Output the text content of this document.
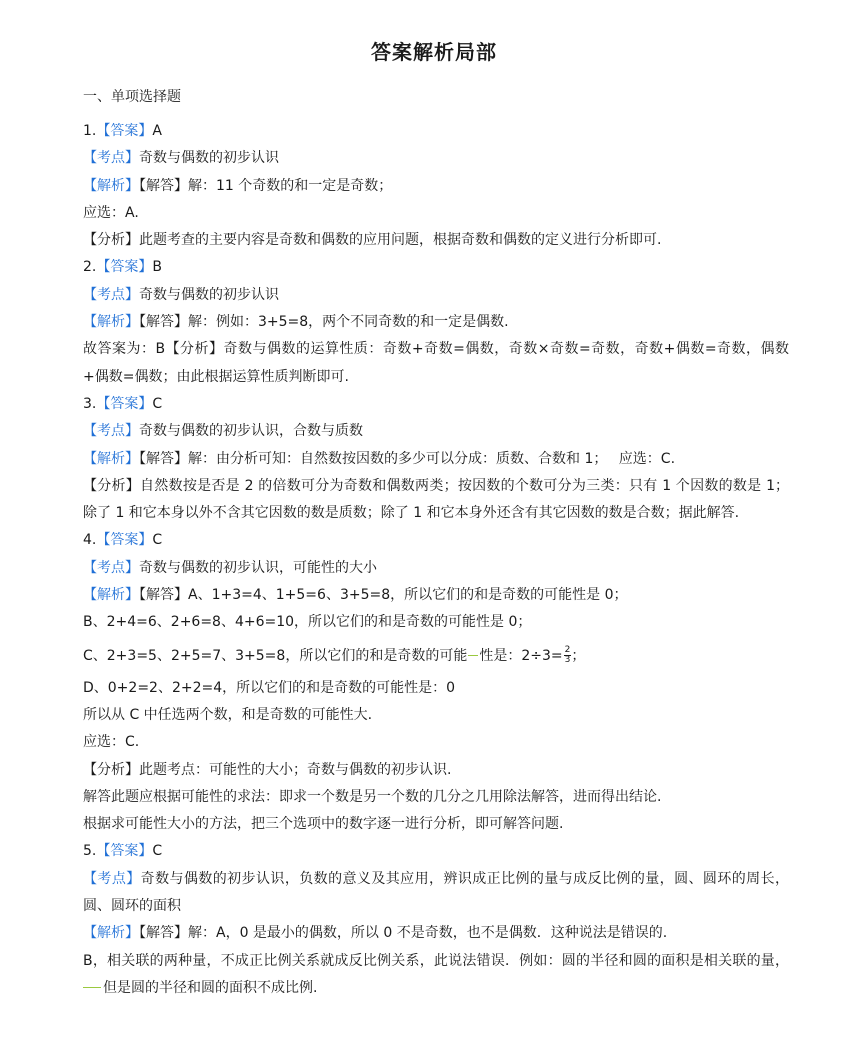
答案解析局部
一、单项选择题
1.【答案】A
【考点】奇数与偶数的初步认识
【解析】【解答】解：11 个奇数的和一定是奇数；
应选：A.
【分析】此题考查的主要内容是奇数和偶数的应用问题，根据奇数和偶数的定义进行分析即可.
2.【答案】B
【考点】奇数与偶数的初步认识
【解析】【解答】解：例如：3+5=8，两个不同奇数的和一定是偶数.
故答案为：B【分析】奇数与偶数的运算性质：奇数+奇数=偶数，奇数×奇数=奇数，奇数+偶数=奇数，偶数+偶数=偶数；由此根据运算性质判断即可.
3.【答案】C
【考点】奇数与偶数的初步认识，合数与质数
【解析】【解答】解：由分析可知：自然数按因数的多少可以分成：质数、合数和 1；　 应选：C.
【分析】自然数按是否是 2 的倍数可分为奇数和偶数两类；按因数的个数可分为三类：只有 1 个因数的数是 1；除了 1 和它本身以外不含其它因数的数是质数；除了 1 和它本身外还含有其它因数的数是合数；据此解答.
4.【答案】C
【考点】奇数与偶数的初步认识，可能性的大小
【解析】【解答】A、1+3=4、1+5=6、3+5=8，所以它们的和是奇数的可能性是 0；
B、2+4=6、2+6=8、4+6=10，所以它们的和是奇数的可能性是 0；
C、2+3=5、2+5=7、3+5=8，所以它们的和是奇数的可能 性是：$2\div 3= \frac{2}{3}$ ；
D、0+2=2、2+2=4，所以它们的和是奇数的可能性是：0
所以从 C 中任选两个数，和是奇数的可能性大.
应选：C.
【分析】此题考点：可能性的大小；奇数与偶数的初步认识.
解答此题应根据可能性的求法：即求一个数是另一个数的几分之几用除法解答，进而得出结论.
根据求可能性大小的方法，把三个选项中的数字逐一进行分析，即可解答问题.
5.【答案】C
【考点】奇数与偶数的初步认识，负数的意义及其应用，辨识成正比例的量与成反比例的量，圆、圆环的周长，圆、圆环的面积
【解析】【解答】解：A，0 是最小的偶数，所以 0 不是奇数，也不是偶数．这种说法是错误的.
B，相关联的两种量，不成正比例关系就成反比例关系，此说法错误．例如：圆的半径和圆的面积是相关联的量，但是圆的半径和圆的面积不成比例.
